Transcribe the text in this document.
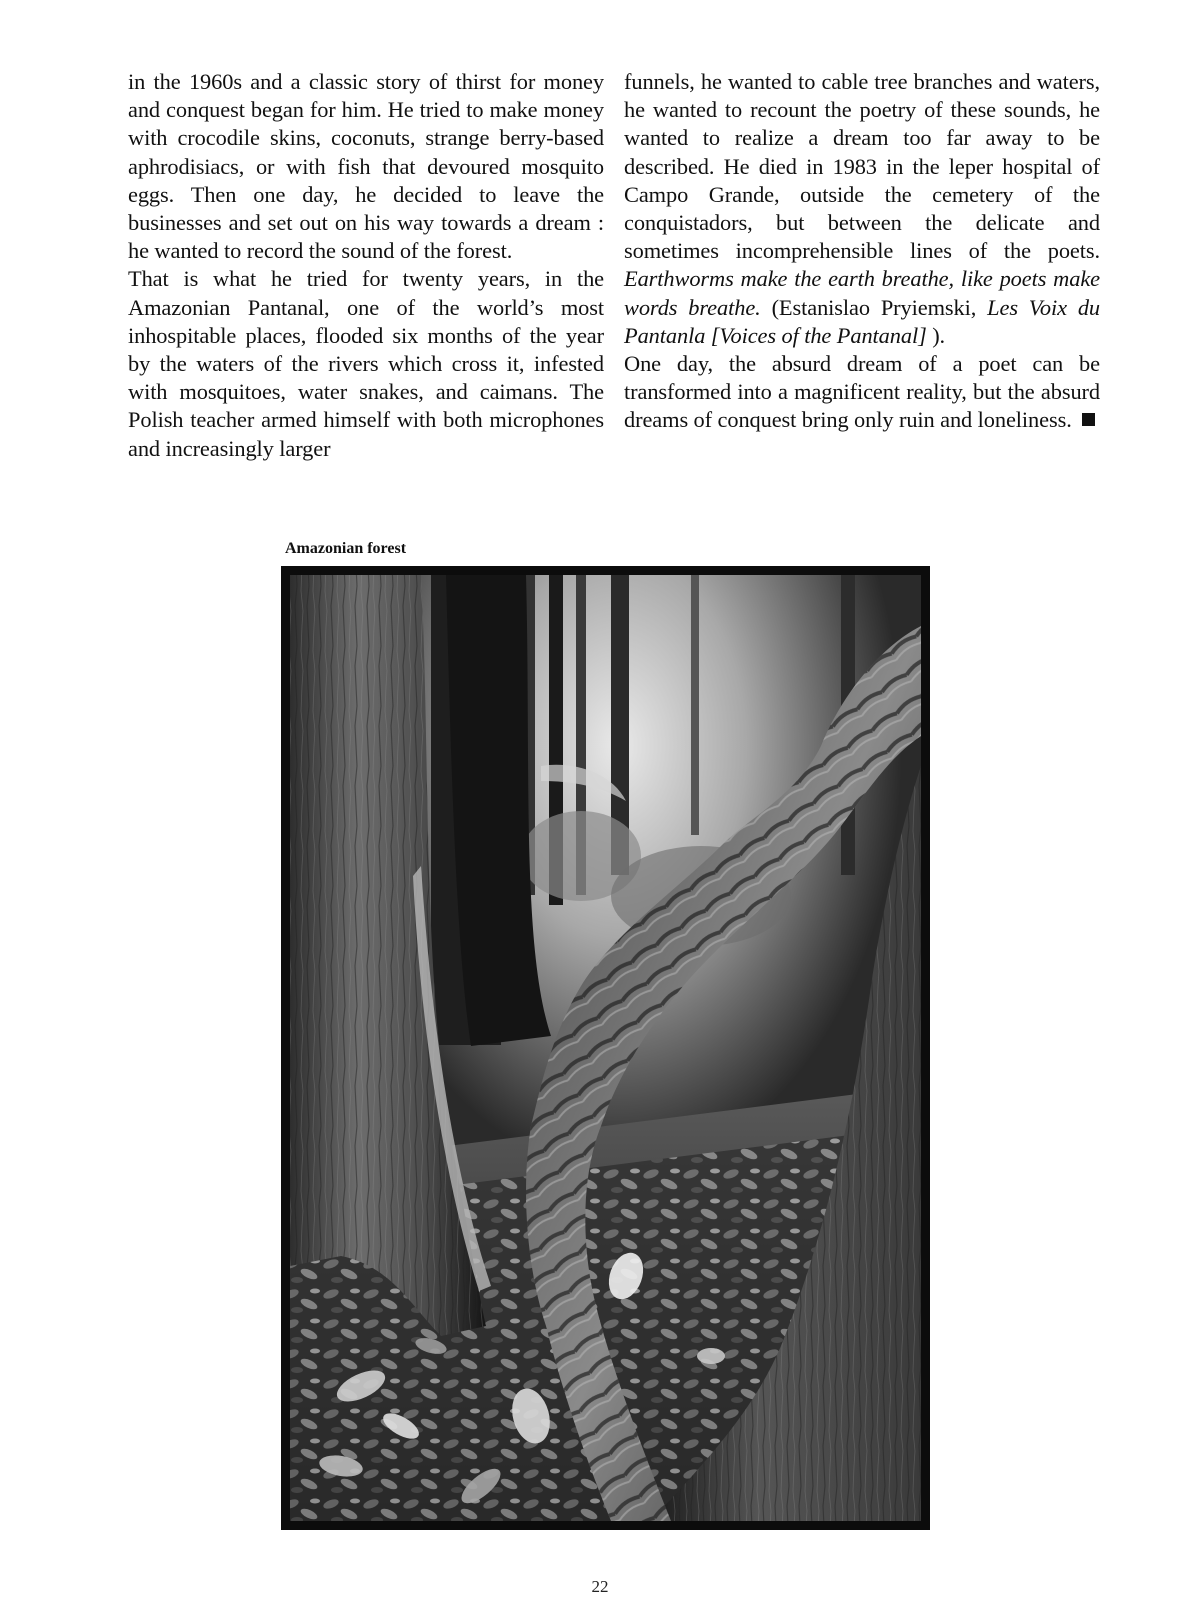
in the 1960s and a classic story of thirst for money and conquest began for him. He tried to make money with crocodile skins, coconuts, strange berry-based aphrodisiacs, or with fish that devoured mosquito eggs. Then one day, he decided to leave the businesses and set out on his way towards a dream : he wanted to record the sound of the forest.

That is what he tried for twenty years, in the Amazonian Pantanal, one of the world’s most inhospitable places, flooded six months of the year by the waters of the rivers which cross it, infested with mosquitoes, water snakes, and caimans. The Polish teacher armed himself with both microphones and increasingly larger

funnels, he wanted to cable tree branches and waters, he wanted to recount the poetry of these sounds, he wanted to realize a dream too far away to be described. He died in 1983 in the leper hospital of Campo Grande, outside the cemetery of the conquistadors, but between the delicate and sometimes incomprehensible lines of the poets. Earthworms make the earth breathe, like poets make words breathe. (Estanislao Pryiemski, Les Voix du Pantanla [Voices of the Pantanal] ).

One day, the absurd dream of a poet can be transformed into a magnificent reality, but the absurd dreams of conquest bring only ruin and loneliness.

Amazonian forest
22
